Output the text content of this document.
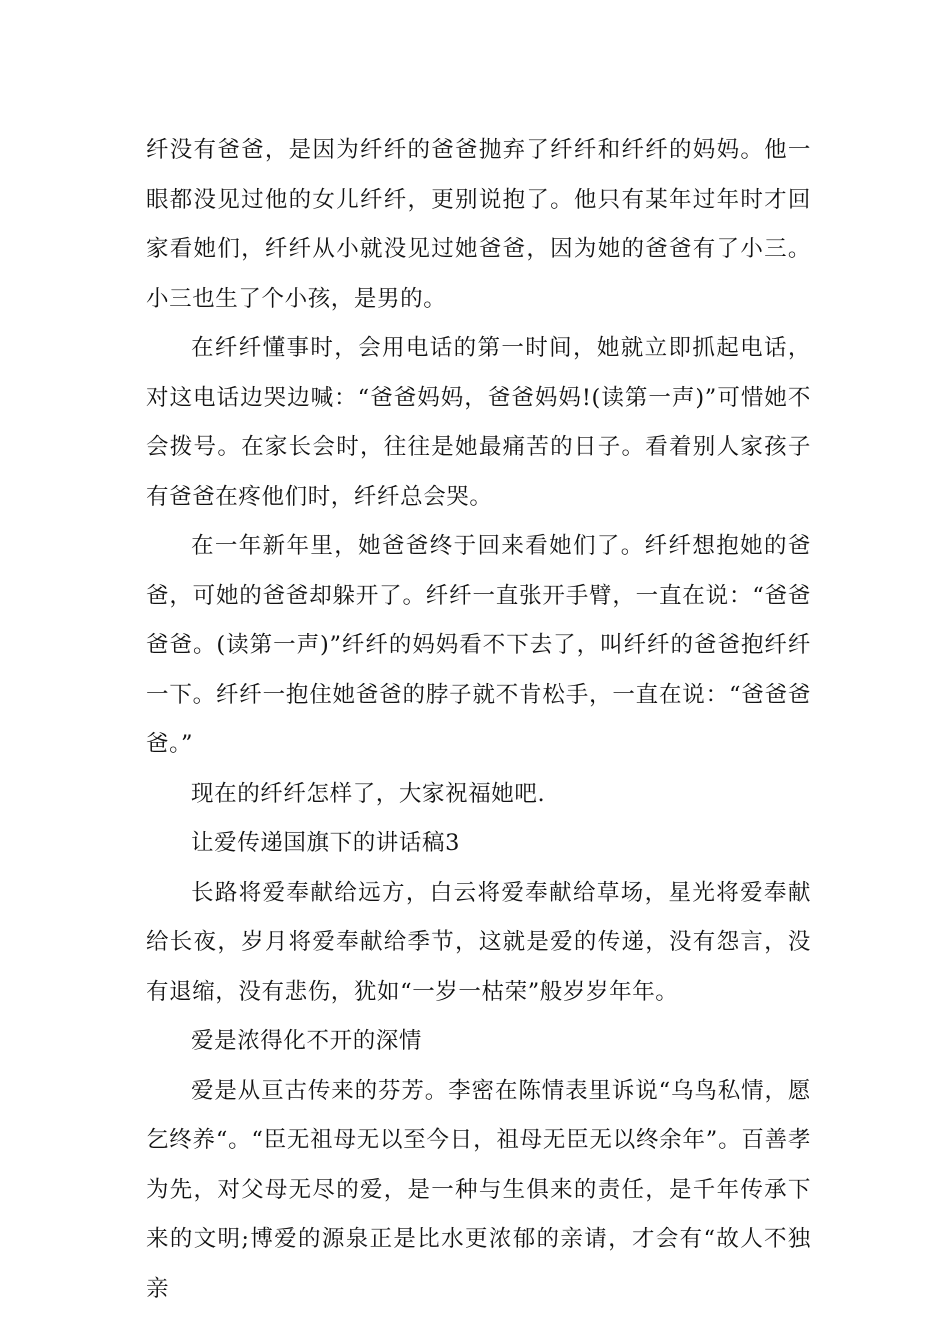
纤没有爸爸，是因为纤纤的爸爸抛弃了纤纤和纤纤的妈妈。他一眼都没见过他的女儿纤纤，更别说抱了。他只有某年过年时才回家看她们，纤纤从小就没见过她爸爸，因为她的爸爸有了小三。小三也生了个小孩，是男的。

在纤纤懂事时，会用电话的第一时间，她就立即抓起电话，对这电话边哭边喊：“爸爸妈妈，爸爸妈妈!(读第一声)”可惜她不会拨号。在家长会时，往往是她最痛苦的日子。看着别人家孩子有爸爸在疼他们时，纤纤总会哭。

在一年新年里，她爸爸终于回来看她们了。纤纤想抱她的爸爸，可她的爸爸却躲开了。纤纤一直张开手臂，一直在说：“爸爸爸爸。(读第一声)”纤纤的妈妈看不下去了，叫纤纤的爸爸抱纤纤一下。纤纤一抱住她爸爸的脖子就不肯松手，一直在说：“爸爸爸爸。”

现在的纤纤怎样了，大家祝福她吧.

让爱传递国旗下的讲话稿3

长路将爱奉献给远方，白云将爱奉献给草场，星光将爱奉献给长夜，岁月将爱奉献给季节，这就是爱的传递，没有怨言，没有退缩，没有悲伤，犹如“一岁一枯荣”般岁岁年年。

爱是浓得化不开的深情

爱是从亘古传来的芬芳。李密在陈情表里诉说“乌鸟私情，愿乞终养“。“臣无祖母无以至今日，祖母无臣无以终余年”。百善孝为先，对父母无尽的爱，是一种与生俱来的责任，是千年传承下来的文明;博爱的源泉正是比水更浓郁的亲请，才会有“故人不独亲
